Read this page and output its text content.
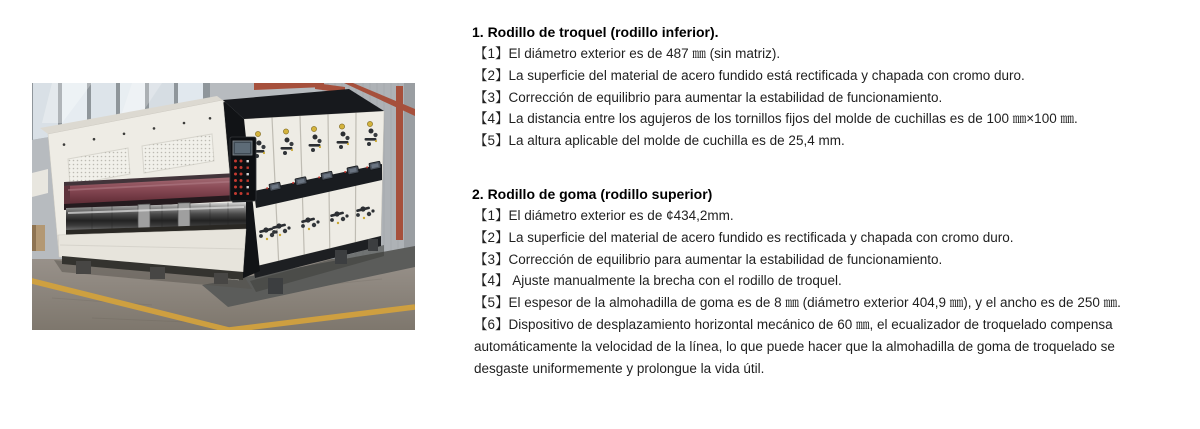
1. Rodillo de troquel (rodillo inferior).

【1】El diámetro exterior es de 487 ㎜ (sin matriz).

【2】La superficie del material de acero fundido está rectificada y chapada con cromo duro.

【3】Corrección de equilibrio para aumentar la estabilidad de funcionamiento.

【4】La distancia entre los agujeros de los tornillos fijos del molde de cuchillas es de 100 ㎜×100 ㎜.

【5】La altura aplicable del molde de cuchilla es de 25,4 mm.

2. Rodillo de goma (rodillo superior)

【1】El diámetro exterior es de ¢434,2mm.

【2】La superficie del material de acero fundido es rectificada y chapada con cromo duro.

【3】Corrección de equilibrio para aumentar la estabilidad de funcionamiento.

【4】 Ajuste manualmente la brecha con el rodillo de troquel.

【5】El espesor de la almohadilla de goma es de 8 ㎜ (diámetro exterior 404,9 ㎜), y el ancho es de 250 ㎜.

【6】Dispositivo de desplazamiento horizontal mecánico de 60 ㎜, el ecualizador de troquelado compensa automáticamente la velocidad de la línea, lo que puede hacer que la almohadilla de goma de troquelado se desgaste uniformemente y prolongue la vida útil.
